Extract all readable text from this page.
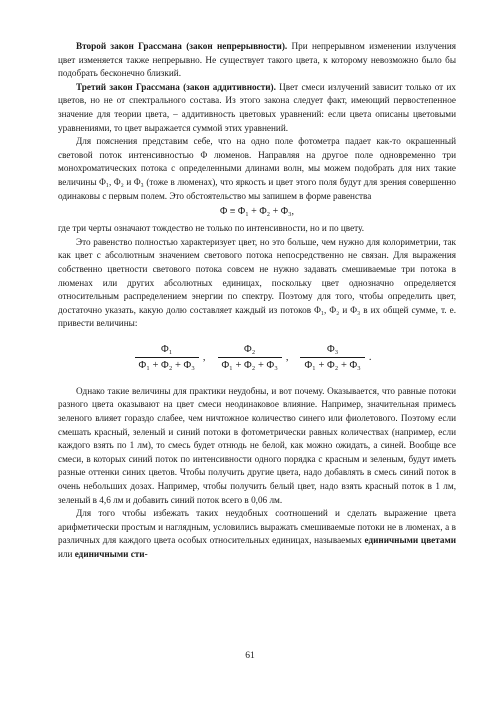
Второй закон Грассмана (закон непрерывности). При непрерывном изменении излучения цвет изменяется также непрерывно. Не существует такого цвета, к которому невозможно было бы подобрать бесконечно близкий.

Третий закон Грассмана (закон аддитивности). Цвет смеси излучений зависит только от их цветов, но не от спектрального состава. Из этого закона следует факт, имеющий первостепенное значение для теории цвета, – аддитивность цветовых уравнений: если цвета описаны цветовыми уравнениями, то цвет выражается суммой этих уравнений.

Для пояснения представим себе, что на одно поле фотометра падает как-то окрашенный световой поток интенсивностью Φ люменов. Направляя на другое поле одновременно три монохроматических потока с определенными длинами волн, мы можем подобрать для них такие величины Φ₁, Φ₂ и Φ₃ (тоже в люменах), что яркость и цвет этого поля будут для зрения совершенно одинаковы с первым полем. Это обстоятельство мы запишем в форме равенства

Φ ≡ Φ₁ + Φ₂ + Φ₃,

где три черты означают тождество не только по интенсивности, но и по цвету.

Это равенство полностью характеризует цвет, но это больше, чем нужно для колориметрии, так как цвет с абсолютным значением светового потока непосредственно не связан. Для выражения собственно цветности светового потока совсем не нужно задавать смешиваемые три потока в люменах или других абсолютных единицах, поскольку цвет однозначно определяется относительным распределением энергии по спектру. Поэтому для того, чтобы определить цвет, достаточно указать, какую долю составляет каждый из потоков Φ₁, Φ₂ и Φ₃ в их общей сумме, т. е. привести величины:

$\frac{\text{Φ₁}}{\text{Φ₁ + Φ₂ + Φ₃}}$ , $\frac{\text{Φ₂}}{\text{Φ₁ + Φ₂ + Φ₃}}$ , $\frac{\text{Φ₃}}{\text{Φ₁ + Φ₂ + Φ₃}}$ .

Однако такие величины для практики неудобны, и вот почему. Оказывается, что равные потоки разного цвета оказывают на цвет смеси неодинаковое влияние. Например, значительная примесь зеленого влияет гораздо слабее, чем ничтожное количество синего или фиолетового. Поэтому если смешать красный, зеленый и синий потоки в фотометрически равных количествах (например, если каждого взять по 1 лм), то смесь будет отнюдь не белой, как можно ожидать, а синей. Вообще все смеси, в которых синий поток по интенсивности одного порядка с красным и зеленым, будут иметь разные оттенки синих цветов. Чтобы получить другие цвета, надо добавлять в смесь синий поток в очень небольших дозах. Например, чтобы получить белый цвет, надо взять красный поток в 1 лм, зеленый в 4,6 лм и добавить синий поток всего в 0,06 лм.

Для того чтобы избежать таких неудобных соотношений и сделать выражение цвета арифметически простым и наглядным, условились выражать смешиваемые потоки не в люменах, а в различных для каждого цвета особых относительных единицах, называемых единичными цветами или единичными сти-

61
